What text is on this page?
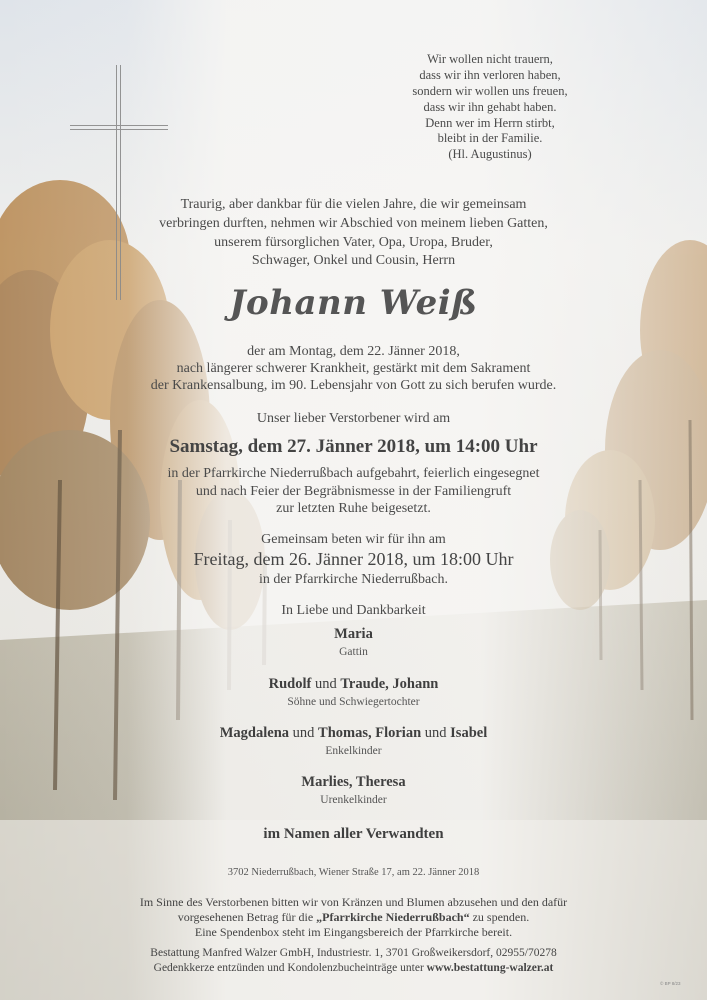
Wir wollen nicht trauern,
dass wir ihn verloren haben,
sondern wir wollen uns freuen,
dass wir ihn gehabt haben.
Denn wer im Herrn stirbt,
bleibt in der Familie.
(Hl. Augustinus)
Traurig, aber dankbar für die vielen Jahre, die wir gemeinsam
verbringen durften, nehmen wir Abschied von meinem lieben Gatten,
unserem fürsorglichen Vater, Opa, Uropa, Bruder,
Schwager, Onkel und Cousin, Herrn
Johann Weiß
der am Montag, dem 22. Jänner 2018,
nach längerer schwerer Krankheit, gestärkt mit dem Sakrament
der Krankensalbung, im 90. Lebensjahr von Gott zu sich berufen wurde.
Unser lieber Verstorbener wird am
Samstag, dem 27. Jänner 2018, um 14:00 Uhr
in der Pfarrkirche Niederrußbach aufgebahrt, feierlich eingesegnet
und nach Feier der Begräbnismesse in der Familiengruft
zur letzten Ruhe beigesetzt.
Gemeinsam beten wir für ihn am
Freitag, dem 26. Jänner 2018, um 18:00 Uhr
in der Pfarrkirche Niederrußbach.
In Liebe und Dankbarkeit
Maria
Gattin
Rudolf und Traude, Johann
Söhne und Schwiegertochter
Magdalena und Thomas, Florian und Isabel
Enkelkinder
Marlies, Theresa
Urenkelkinder
im Namen aller Verwandten
3702 Niederrußbach, Wiener Straße 17, am 22. Jänner 2018
Im Sinne des Verstorbenen bitten wir von Kränzen und Blumen abzusehen und den dafür
vorgesehenen Betrag für die „Pfarrkirche Niederrußbach“ zu spenden.
Eine Spendenbox steht im Eingangsbereich der Pfarrkirche bereit.
Bestattung Manfred Walzer GmbH, Industriestr. 1, 3701 Großweikersdorf, 02955/70278
Gedenkkerze entzünden und Kondolenzbucheinträge unter www.bestattung-walzer.at
© BP 8/23
